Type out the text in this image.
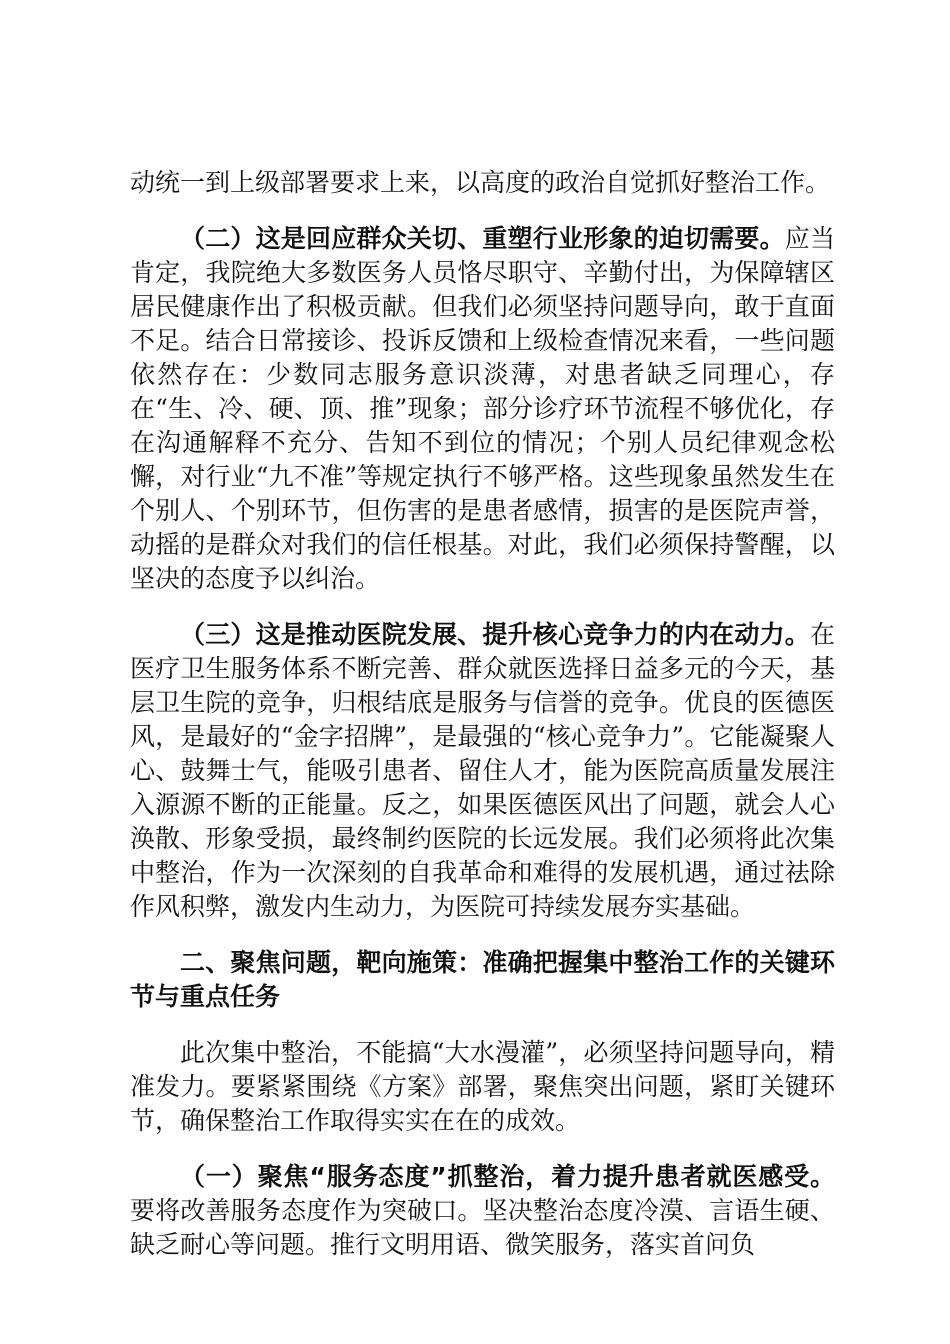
动统一到上级部署要求上来，以高度的政治自觉抓好整治工作。

（二）这是回应群众关切、重塑行业形象的迫切需要。应当肯定，我院绝大多数医务人员恪尽职守、辛勤付出，为保障辖区居民健康作出了积极贡献。但我们必须坚持问题导向，敢于直面不足。结合日常接诊、投诉反馈和上级检查情况来看，一些问题依然存在：少数同志服务意识淡薄，对患者缺乏同理心，存在“生、冷、硬、顶、推”现象；部分诊疗环节流程不够优化，存在沟通解释不充分、告知不到位的情况；个别人员纪律观念松懈，对行业“九不准”等规定执行不够严格。这些现象虽然发生在个别人、个别环节，但伤害的是患者感情，损害的是医院声誉，动摇的是群众对我们的信任根基。对此，我们必须保持警醒，以坚决的态度予以纠治。

（三）这是推动医院发展、提升核心竞争力的内在动力。在医疗卫生服务体系不断完善、群众就医选择日益多元的今天，基层卫生院的竞争，归根结底是服务与信誉的竞争。优良的医德医风，是最好的“金字招牌”，是最强的“核心竞争力”。它能凝聚人心、鼓舞士气，能吸引患者、留住人才，能为医院高质量发展注入源源不断的正能量。反之，如果医德医风出了问题，就会人心涣散、形象受损，最终制约医院的长远发展。我们必须将此次集中整治，作为一次深刻的自我革命和难得的发展机遇，通过祛除作风积弊，激发内生动力，为医院可持续发展夯实基础。

二、聚焦问题，靶向施策：准确把握集中整治工作的关键环节与重点任务

此次集中整治，不能搞“大水漫灌”，必须坚持问题导向，精准发力。要紧紧围绕《方案》部署，聚焦突出问题，紧盯关键环节，确保整治工作取得实实在在的成效。

（一）聚焦“服务态度”抓整治，着力提升患者就医感受。要将改善服务态度作为突破口。坚决整治态度冷漠、言语生硬、缺乏耐心等问题。推行文明用语、微笑服务，落实首问负
